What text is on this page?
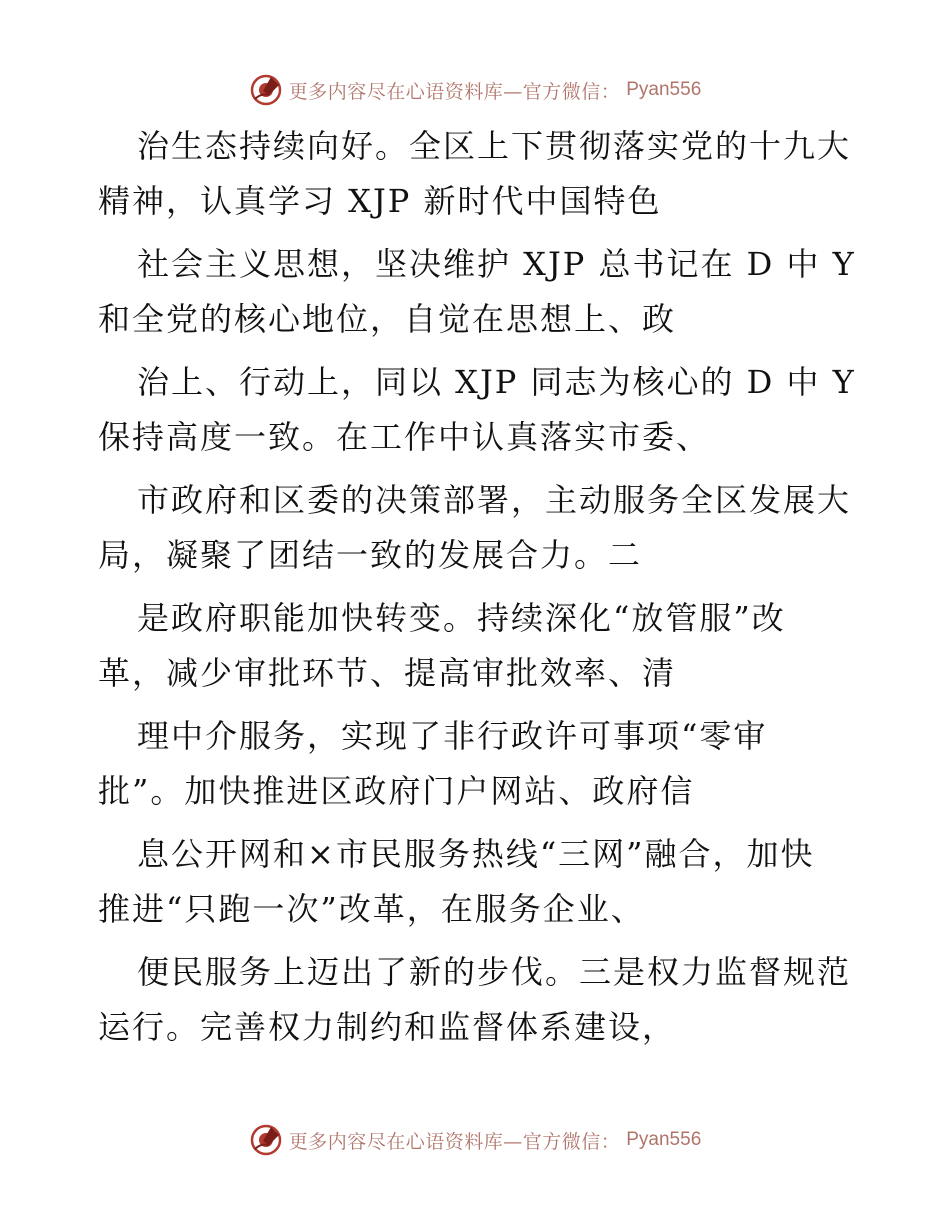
更多内容尽在心语资料库—官方微信： Pyan556
治生态持续向好。全区上下贯彻落实党的十九大
精神，认真学习 XJP 新时代中国特色
社会主义思想，坚决维护 XJP 总书记在 D 中 Y
和全党的核心地位，自觉在思想上、政
治上、行动上，同以 XJP 同志为核心的 D 中 Y
保持高度一致。在工作中认真落实市委、
市政府和区委的决策部署，主动服务全区发展大
局，凝聚了团结一致的发展合力。二
是政府职能加快转变。持续深化“放管服”改
革，减少审批环节、提高审批效率、清
理中介服务，实现了非行政许可事项“零审
批”。加快推进区政府门户网站、政府信
息公开网和×市民服务热线“三网”融合，加快
推进“只跑一次”改革，在服务企业、
便民服务上迈出了新的步伐。三是权力监督规范
运行。完善权力制约和监督体系建设，
更多内容尽在心语资料库—官方微信： Pyan556
